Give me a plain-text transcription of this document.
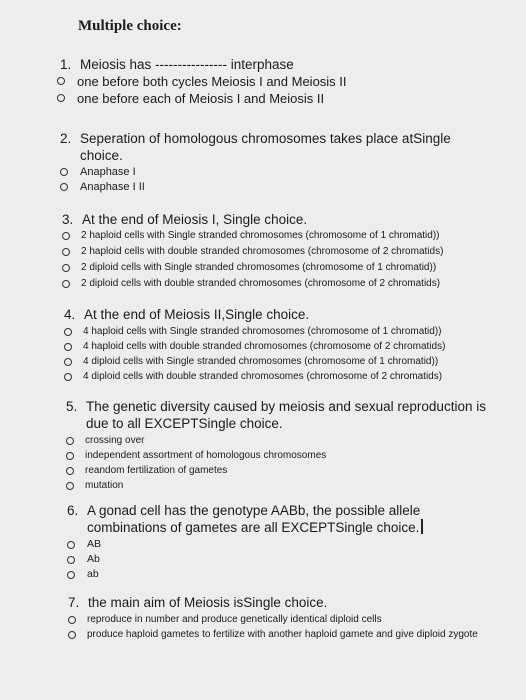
Multiple choice:
1. Meiosis has ---------------- interphase
one before both cycles Meiosis I and Meiosis II
one before each of Meiosis I and Meiosis II
2. Seperation of homologous chromosomes takes place atSingle choice.
Anaphase I
Anaphase I II
3. At the end of Meiosis I, Single choice.
2 haploid cells with Single stranded chromosomes (chromosome of 1 chromatid))
2 haploid cells with double stranded chromosomes (chromosome of 2 chromatids)
2 diploid cells with Single stranded chromosomes (chromosome of 1 chromatid))
2 diploid cells with double stranded chromosomes (chromosome of 2 chromatids)
4. At the end of Meiosis II,Single choice.
4 haploid cells with Single stranded chromosomes (chromosome of 1 chromatid))
4 haploid cells with double stranded chromosomes (chromosome of 2 chromatids)
4 diploid cells with Single stranded chromosomes (chromosome of 1 chromatid))
4 diploid cells with double stranded chromosomes (chromosome of 2 chromatids)
5. The genetic diversity caused by meiosis and sexual reproduction is due to all EXCEPTSingle choice.
crossing over
independent assortment of homologous chromosomes
reandom fertilization of gametes
mutation
6. A gonad cell has the genotype AABb, the possible allele combinations of gametes are all EXCEPTSingle choice.
AB
Ab
ab
7. the main aim of Meiosis isSingle choice.
reproduce in number and produce genetically identical diploid cells
produce haploid gametes to fertilize with another haploid gamete and give diploid zygote
